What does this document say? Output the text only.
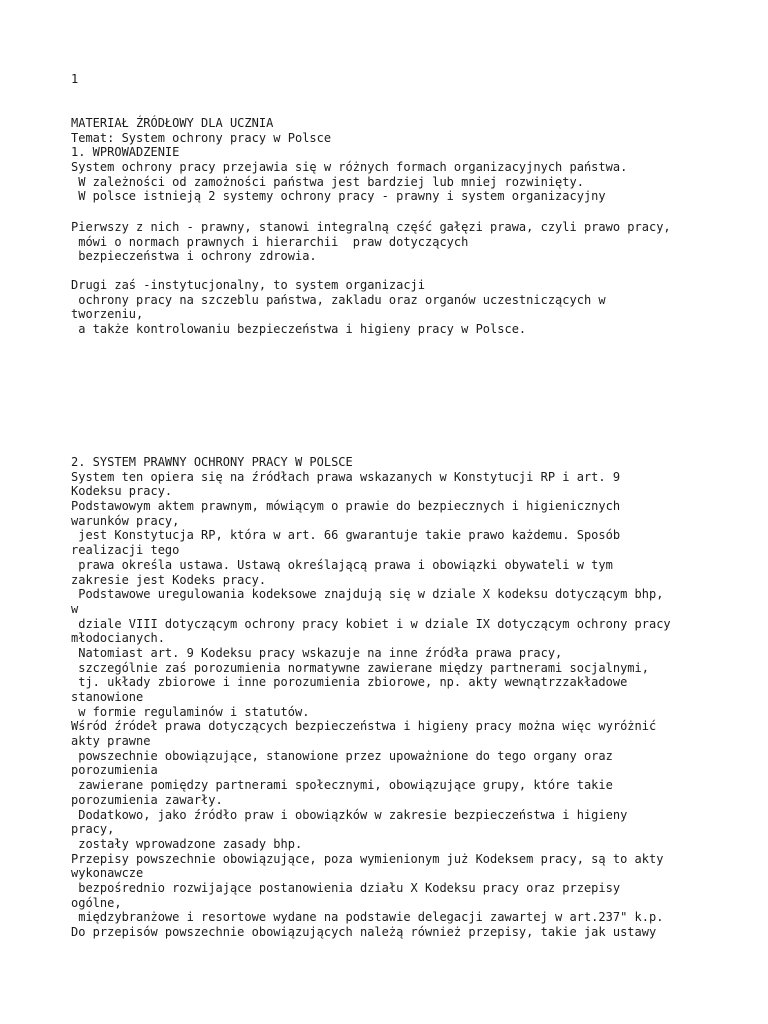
1
MATERIAŁ ŹRÓDŁOWY DLA UCZNIA
Temat: System ochrony pracy w Polsce
1. WPROWADZENIE
System ochrony pracy przejawia się w różnych formach organizacyjnych państwa.
W zależności od zamożności państwa jest bardziej lub mniej rozwinięty.
W polsce istnieją 2 systemy ochrony pracy - prawny i system organizacyjny
Pierwszy z nich - prawny, stanowi integralną część gałęzi prawa, czyli prawo pracy,
mówi o normach prawnych i hierarchii  praw dotyczących
bezpieczeństwa i ochrony zdrowia.
Drugi zaś -instytucjonalny, to system organizacji
ochrony pracy na szczeblu państwa, zakladu oraz organów uczestniczących w
tworzeniu,
a także kontrolowaniu bezpieczeństwa i higieny pracy w Polsce.
2. SYSTEM PRAWNY OCHRONY PRACY W POLSCE
System ten opiera się na źródłach prawa wskazanych w Konstytucji RP i art. 9
Kodeksu pracy.
Podstawowym aktem prawnym, mówiącym o prawie do bezpiecznych i higienicznych
warunków pracy,
jest Konstytucja RP, która w art. 66 gwarantuje takie prawo każdemu. Sposób
realizacji tego
prawa określa ustawa. Ustawą określającą prawa i obowiązki obywateli w tym
zakresie jest Kodeks pracy.
Podstawowe uregulowania kodeksowe znajdują się w dziale X kodeksu dotyczącym bhp,
w
dziale VIII dotyczącym ochrony pracy kobiet i w dziale IX dotyczącym ochrony pracy
młodocianych.
Natomiast art. 9 Kodeksu pracy wskazuje na inne źródła prawa pracy,
szczególnie zaś porozumienia normatywne zawierane między partnerami socjalnymi,
tj. układy zbiorowe i inne porozumienia zbiorowe, np. akty wewnątrzzakładowe
stanowione
w formie regulaminów i statutów.
Wśród źródeł prawa dotyczących bezpieczeństwa i higieny pracy można więc wyróżnić
akty prawne
powszechnie obowiązujące, stanowione przez upoważnione do tego organy oraz
porozumienia
zawierane pomiędzy partnerami społecznymi, obowiązujące grupy, które takie
porozumienia zawarły.
Dodatkowo, jako źródło praw i obowiązków w zakresie bezpieczeństwa i higieny
pracy,
zostały wprowadzone zasady bhp.
Przepisy powszechnie obowiązujące, poza wymienionym już Kodeksem pracy, są to akty
wykonawcze
bezpośrednio rozwijające postanowienia działu X Kodeksu pracy oraz przepisy
ogólne,
międzybranżowe i resortowe wydane na podstawie delegacji zawartej w art.237" k.p.
Do przepisów powszechnie obowiązujących należą również przepisy, takie jak ustawy
